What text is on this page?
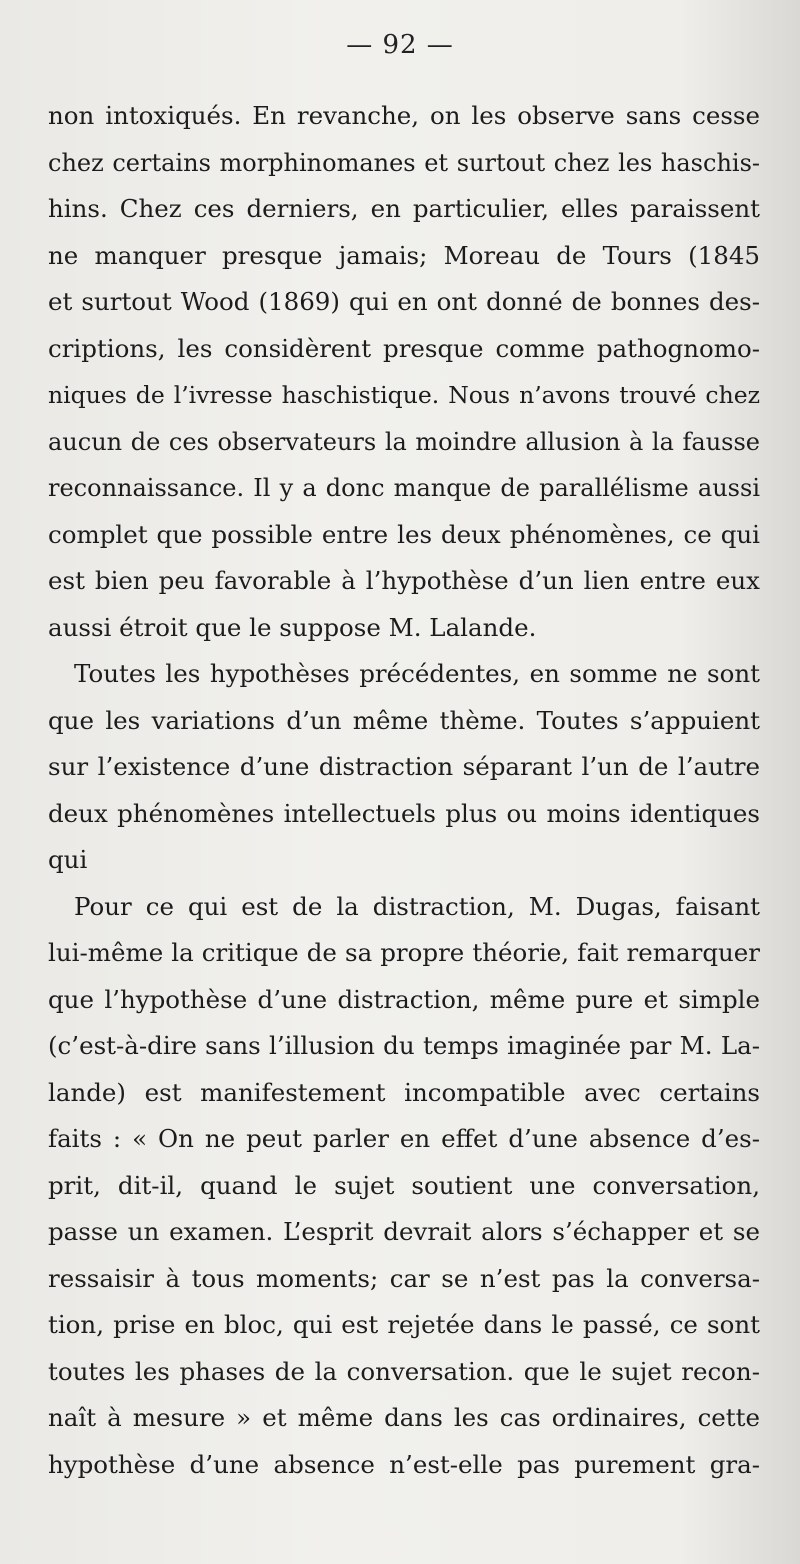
— 92 —
non intoxiqués. En revanche, on les observe sans cesse
chez certains morphinomanes et surtout chez les haschis-
hins. Chez ces derniers, en particulier, elles paraissent
ne manquer presque jamais; Moreau de Tours (1845
et surtout Wood (1869) qui en ont donné de bonnes des-
criptions, les considèrent presque comme pathognomo-
niques de l’ivresse haschistique. Nous n’avons trouvé chez
aucun de ces observateurs la moindre allusion à la fausse
reconnaissance. Il y a donc manque de parallélisme aussi
complet que possible entre les deux phénomènes, ce qui
est bien peu favorable à l’hypothèse d’un lien entre eux
aussi étroit que le suppose M. Lalande.
Toutes les hypothèses précédentes, en somme ne sont
que les variations d’un même thème. Toutes s’appuient
sur l’existence d’une distraction séparant l’un de l’autre
deux phénomènes intellectuels plus ou moins identiques
qui
Pour ce qui est de la distraction, M. Dugas, faisant
lui-même la critique de sa propre théorie, fait remarquer
que l’hypothèse d’une distraction, même pure et simple
(c’est-à-dire sans l’illusion du temps imaginée par M. La-
lande) est manifestement incompatible avec certains
faits : « On ne peut parler en effet d’une absence d’es-
prit, dit-il, quand le sujet soutient une conversation,
passe un examen. L’esprit devrait alors s’échapper et se
ressaisir à tous moments; car se n’est pas la conversa-
tion, prise en bloc, qui est rejetée dans le passé, ce sont
toutes les phases de la conversation. que le sujet recon-
naît à mesure » et même dans les cas ordinaires, cette
hypothèse d’une absence n’est-elle pas purement gra-
